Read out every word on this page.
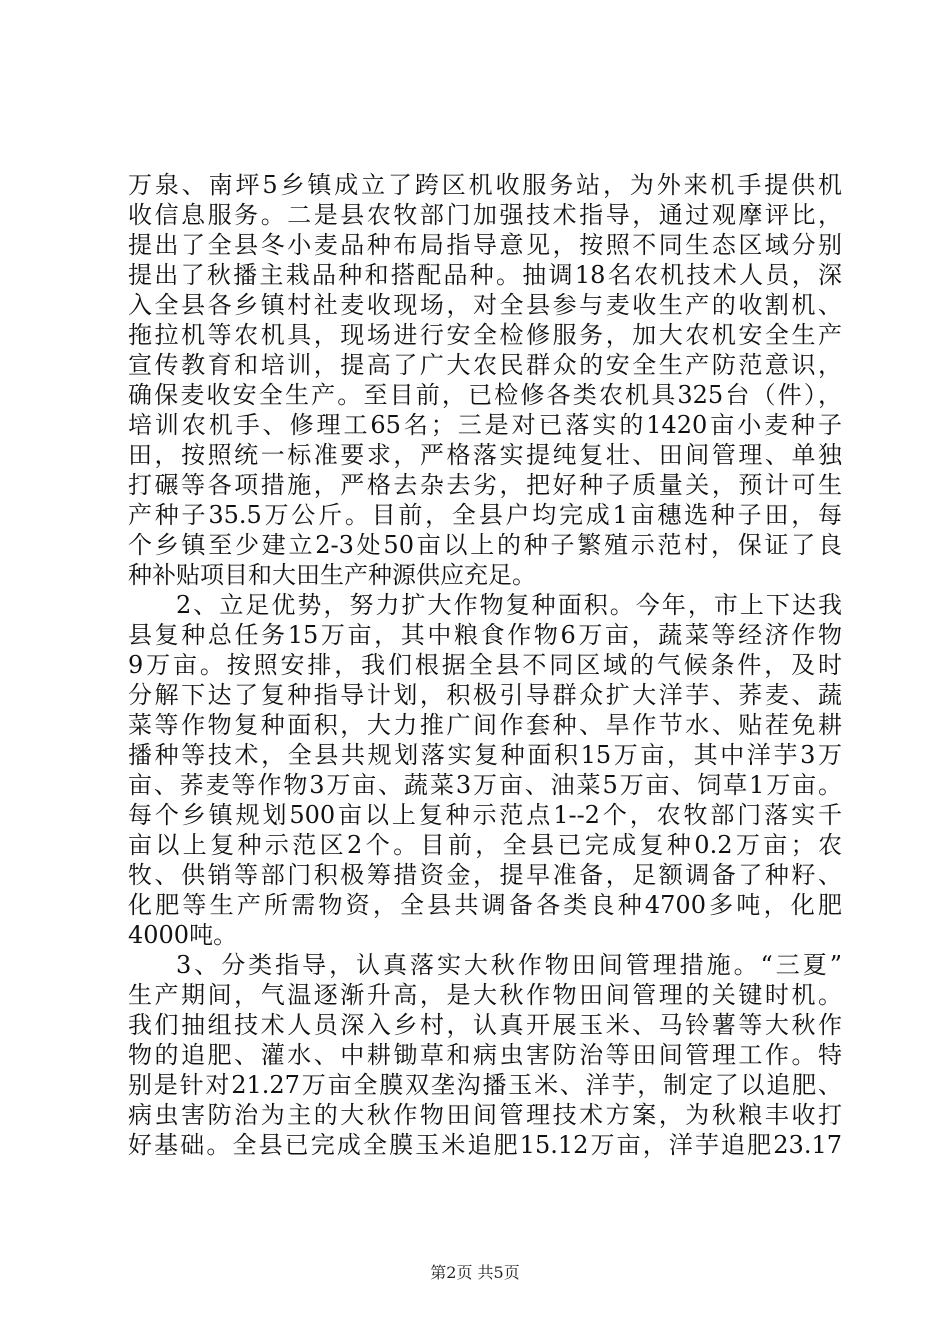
万泉、南坪5乡镇成立了跨区机收服务站，为外来机手提供机
收信息服务。二是县农牧部门加强技术指导，通过观摩评比，
提出了全县冬小麦品种布局指导意见，按照不同生态区域分别
提出了秋播主栽品种和搭配品种。抽调18名农机技术人员，深
入全县各乡镇村社麦收现场，对全县参与麦收生产的收割机、
拖拉机等农机具，现场进行安全检修服务，加大农机安全生产
宣传教育和培训，提高了广大农民群众的安全生产防范意识，
确保麦收安全生产。至目前，已检修各类农机具325台（件），
培训农机手、修理工65名；三是对已落实的1420亩小麦种子
田，按照统一标准要求，严格落实提纯复壮、田间管理、单独
打碾等各项措施，严格去杂去劣，把好种子质量关，预计可生
产种子35.5万公斤。目前，全县户均完成1亩穗选种子田，每
个乡镇至少建立2-3处50亩以上的种子繁殖示范村，保证了良
种补贴项目和大田生产种源供应充足。
2、立足优势，努力扩大作物复种面积。今年，市上下达我
县复种总任务15万亩，其中粮食作物6万亩，蔬菜等经济作物
9万亩。按照安排，我们根据全县不同区域的气候条件，及时
分解下达了复种指导计划，积极引导群众扩大洋芋、荞麦、蔬
菜等作物复种面积，大力推广间作套种、旱作节水、贴茬免耕
播种等技术，全县共规划落实复种面积15万亩，其中洋芋3万
亩、荞麦等作物3万亩、蔬菜3万亩、油菜5万亩、饲草1万亩。
每个乡镇规划500亩以上复种示范点1--2个，农牧部门落实千
亩以上复种示范区2个。目前，全县已完成复种0.2万亩；农
牧、供销等部门积极筹措资金，提早准备，足额调备了种籽、
化肥等生产所需物资，全县共调备各类良种4700多吨，化肥
4000吨。
3、分类指导，认真落实大秋作物田间管理措施。“三夏”
生产期间，气温逐渐升高，是大秋作物田间管理的关键时机。
我们抽组技术人员深入乡村，认真开展玉米、马铃薯等大秋作
物的追肥、灌水、中耕锄草和病虫害防治等田间管理工作。特
别是针对21.27万亩全膜双垄沟播玉米、洋芋，制定了以追肥、
病虫害防治为主的大秋作物田间管理技术方案，为秋粮丰收打
好基础。全县已完成全膜玉米追肥15.12万亩，洋芋追肥23.17
第2页 共5页
